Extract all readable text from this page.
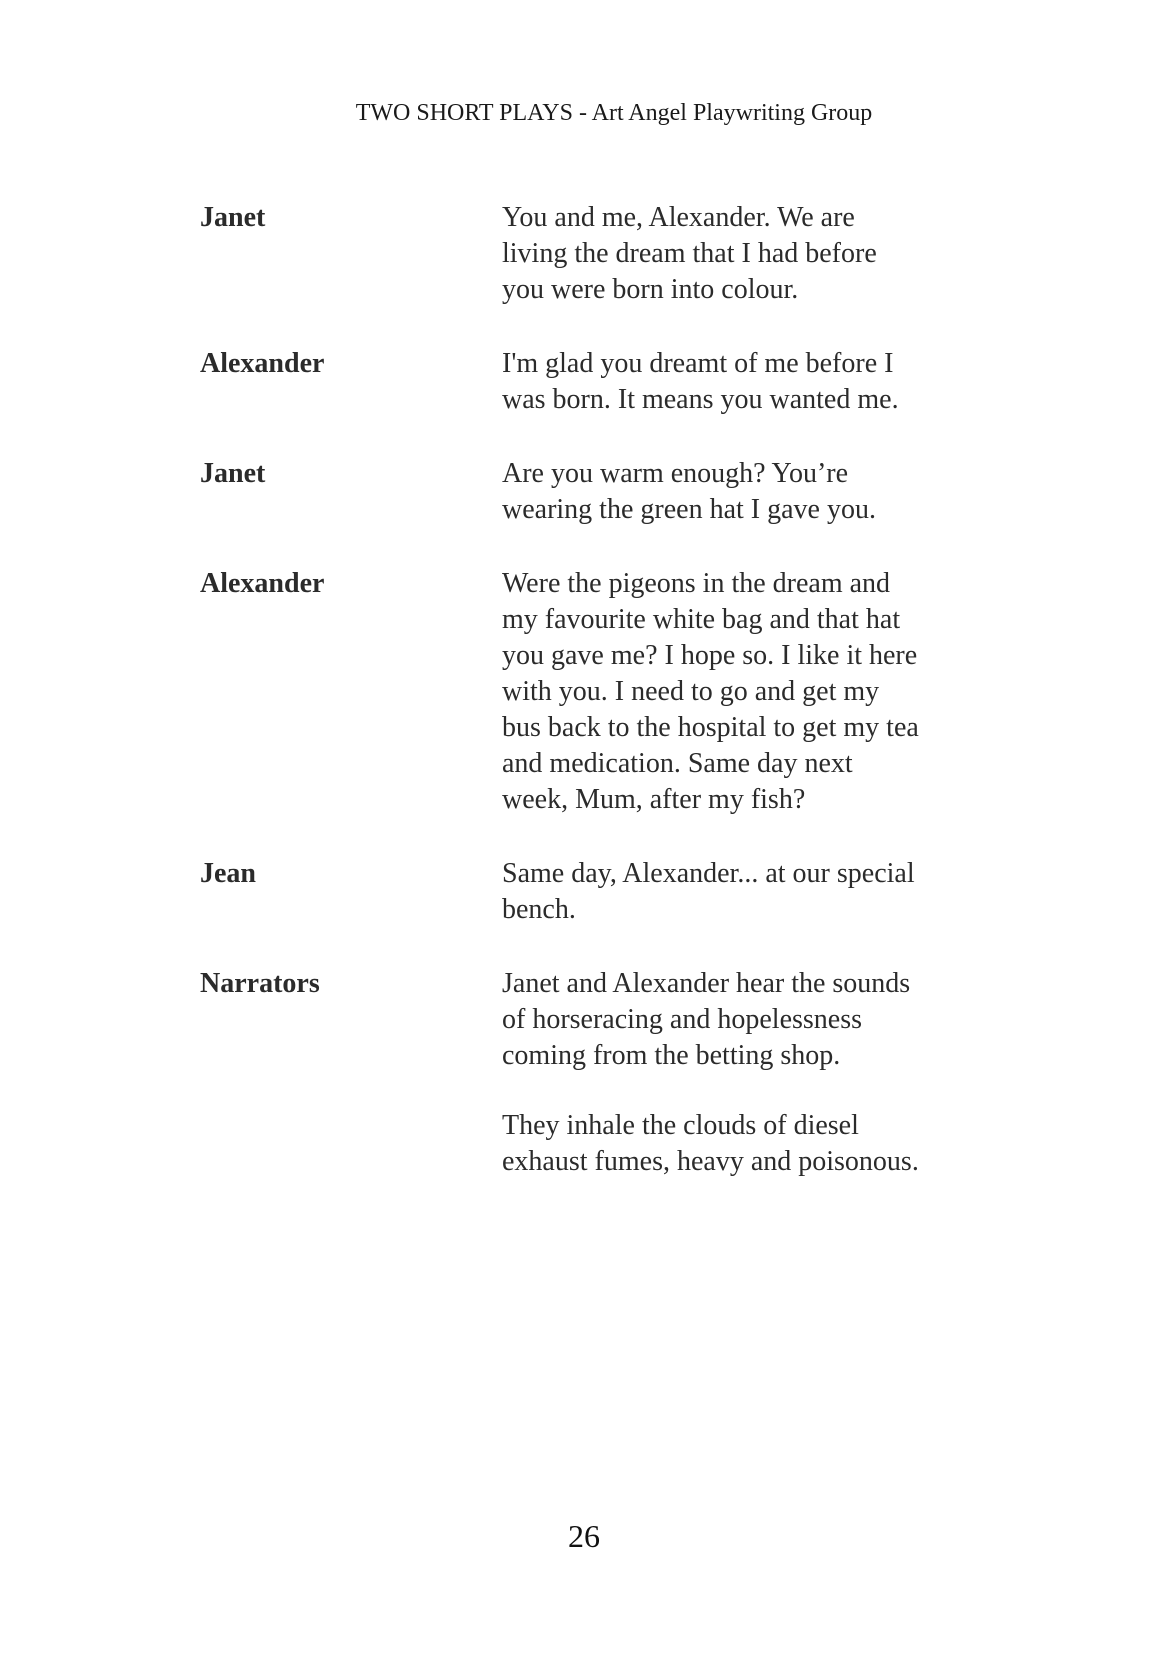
TWO SHORT PLAYS - Art Angel Playwriting Group
Janet	You and me, Alexander. We are living the dream that I had before you were born into colour.

Alexander	I'm glad you dreamt of me before I was born. It means you wanted me.

Janet	Are you warm enough? You’re wearing the green hat I gave you.

Alexander	Were the pigeons in the dream and my favourite white bag and that hat you gave me? I hope so. I like it here with you. I need to go and get my bus back to the hospital to get my tea and medication. Same day next week, Mum, after my fish?

Jean	Same day, Alexander... at our special bench.

Narrators	Janet and Alexander hear the sounds of horseracing and hopelessness coming from the betting shop.

They inhale the clouds of diesel exhaust fumes, heavy and poisonous.

26
